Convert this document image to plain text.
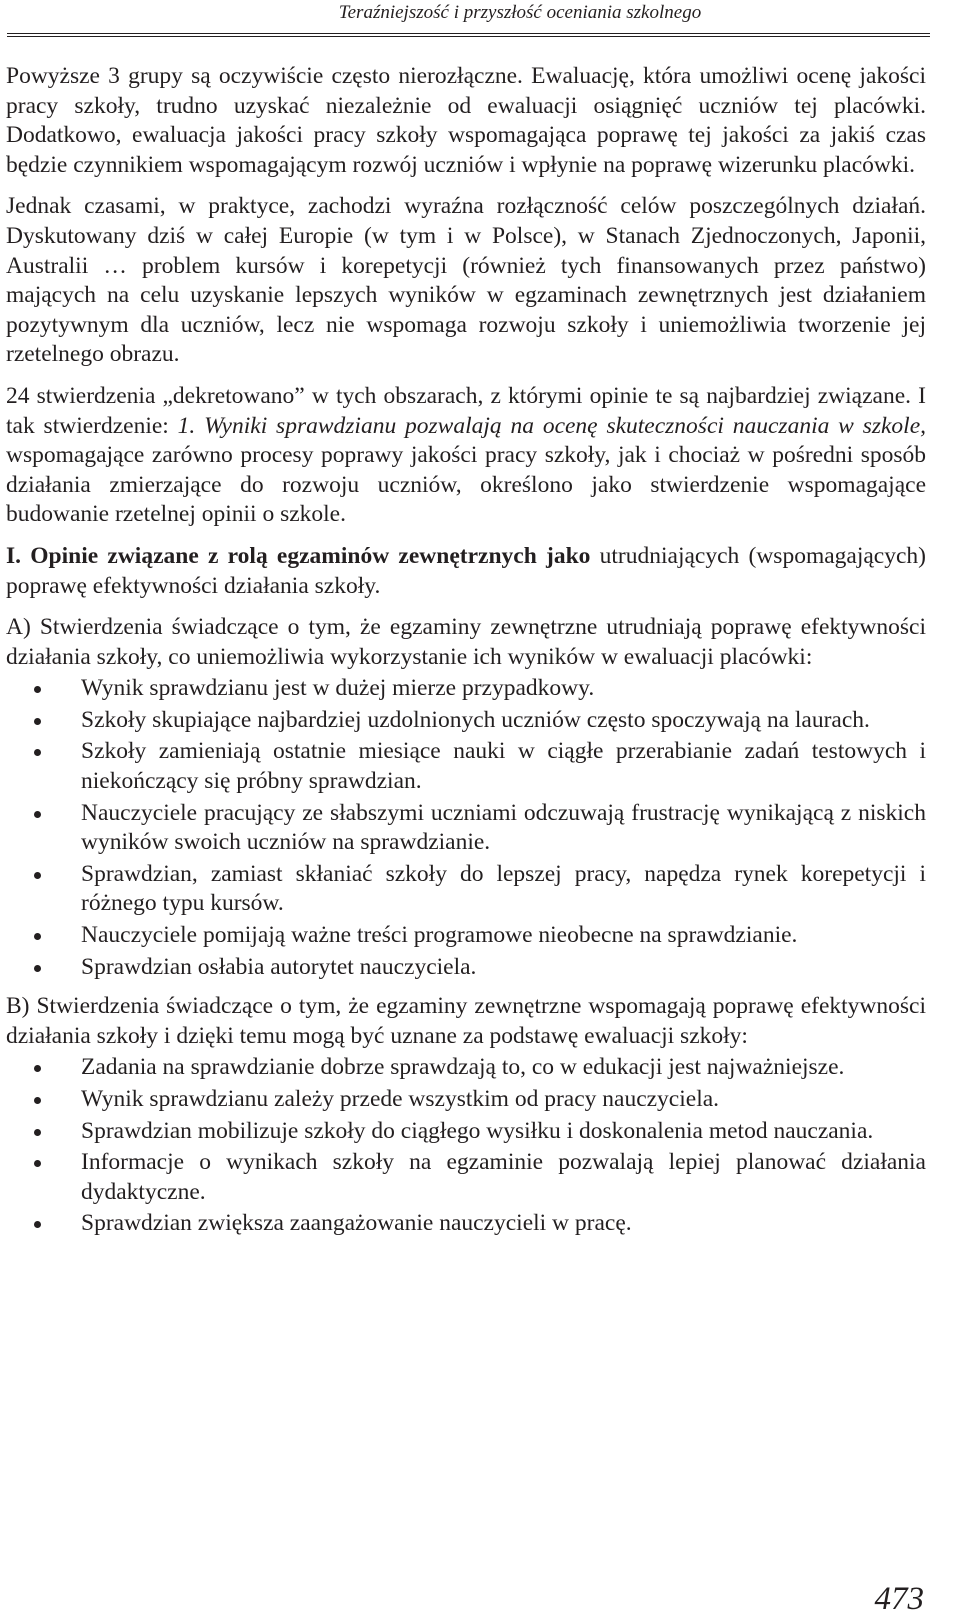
Teraźniejszość i przyszłość oceniania szkolnego

Powyższe 3 grupy są oczywiście często nierozłączne. Ewaluację, która umożliwi ocenę jakości pracy szkoły, trudno uzyskać niezależnie od ewaluacji osiągnięć uczniów tej placówki. Dodatkowo, ewaluacja jakości pracy szkoły wspomagająca poprawę tej jakości za jakiś czas będzie czynnikiem wspomagającym rozwój uczniów i wpłynie na poprawę wizerunku placówki.

Jednak czasami, w praktyce, zachodzi wyraźna rozłączność celów poszczególnych działań. Dyskutowany dziś w całej Europie (w tym i w Polsce), w Stanach Zjednoczonych, Japonii, Australii … problem kursów i korepetycji (również tych finansowanych przez państwo) mających na celu uzyskanie lepszych wyników w egzaminach zewnętrznych jest działaniem pozytywnym dla uczniów, lecz nie wspomaga rozwoju szkoły i uniemożliwia tworzenie jej rzetelnego obrazu.

24 stwierdzenia „dekretowano” w tych obszarach, z którymi opinie te są najbardziej związane. I tak stwierdzenie: 1. Wyniki sprawdzianu pozwalają na ocenę skuteczności nauczania w szkole, wspomagające zarówno procesy poprawy jakości pracy szkoły, jak i chociaż w pośredni sposób działania zmierzające do rozwoju uczniów, określono jako stwierdzenie wspomagające budowanie rzetelnej opinii o szkole.

I. Opinie związane z rolą egzaminów zewnętrznych jako utrudniających (wspomagających) poprawę efektywności działania szkoły.

A) Stwierdzenia świadczące o tym, że egzaminy zewnętrzne utrudniają poprawę efektywności działania szkoły, co uniemożliwia wykorzystanie ich wyników w ewaluacji placówki:

Wynik sprawdzianu jest w dużej mierze przypadkowy.
Szkoły skupiające najbardziej uzdolnionych uczniów często spoczywają na laurach.
Szkoły zamieniają ostatnie miesiące nauki w ciągłe przerabianie zadań testowych i niekończący się próbny sprawdzian.
Nauczyciele pracujący ze słabszymi uczniami odczuwają frustrację wynikającą z niskich wyników swoich uczniów na sprawdzianie.
Sprawdzian, zamiast skłaniać szkoły do lepszej pracy, napędza rynek korepetycji i różnego typu kursów.
Nauczyciele pomijają ważne treści programowe nieobecne na sprawdzianie.
Sprawdzian osłabia autorytet nauczyciela.

B) Stwierdzenia świadczące o tym, że egzaminy zewnętrzne wspomagają poprawę efektywności działania szkoły i dzięki temu mogą być uznane za podstawę ewaluacji szkoły:

Zadania na sprawdzianie dobrze sprawdzają to, co w edukacji jest najważniejsze.
Wynik sprawdzianu zależy przede wszystkim od pracy nauczyciela.
Sprawdzian mobilizuje szkoły do ciągłego wysiłku i doskonalenia metod nauczania.
Informacje o wynikach szkoły na egzaminie pozwalają lepiej planować działania dydaktyczne.
Sprawdzian zwiększa zaangażowanie nauczycieli w pracę.
473
